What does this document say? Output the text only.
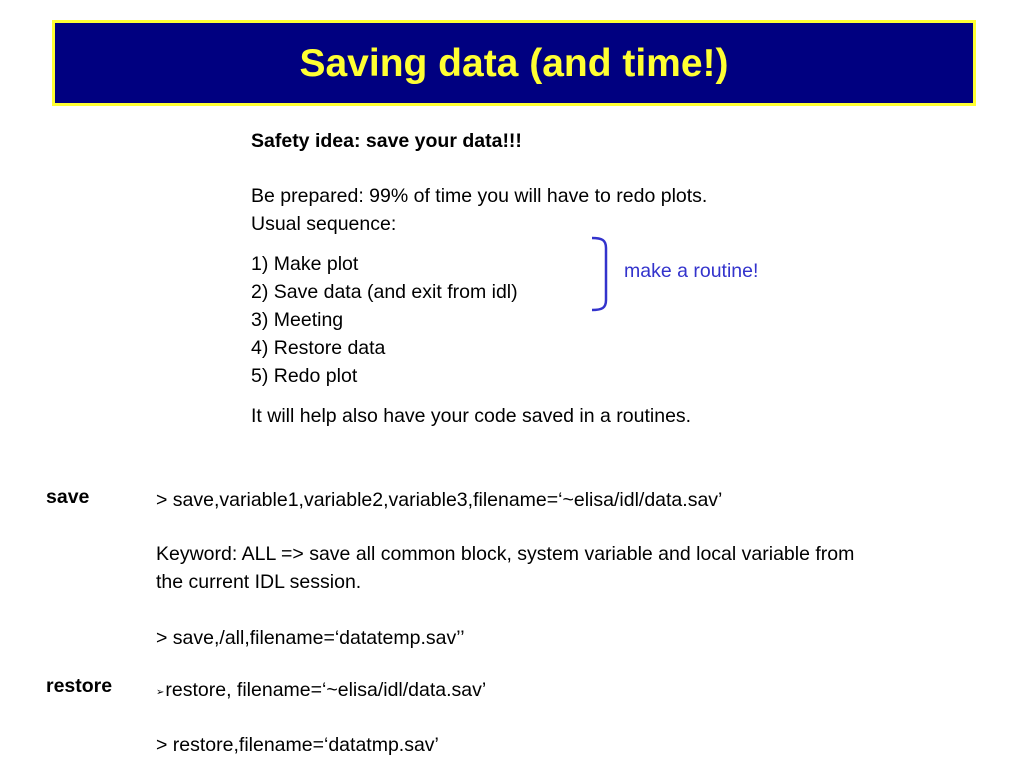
Saving data (and time!)
Safety idea: save your data!!!
Be prepared: 99% of time you will have to redo plots.
Usual sequence:
1) Make plot
2) Save data (and exit from idl)
3) Meeting
4) Restore data
5) Redo plot
make a routine!
It will help also have your code saved in a routines.
save	> save,variable1,variable2,variable3,filename=‘~elisa/idl/data.sav’
Keyword: ALL => save all common block, system variable and local variable from
the current IDL session.
> save,/all,filename=‘datatemp.sav’’
restore	➢restore, filename=‘~elisa/idl/data.sav’
> restore,filename=‘datatmp.sav’
